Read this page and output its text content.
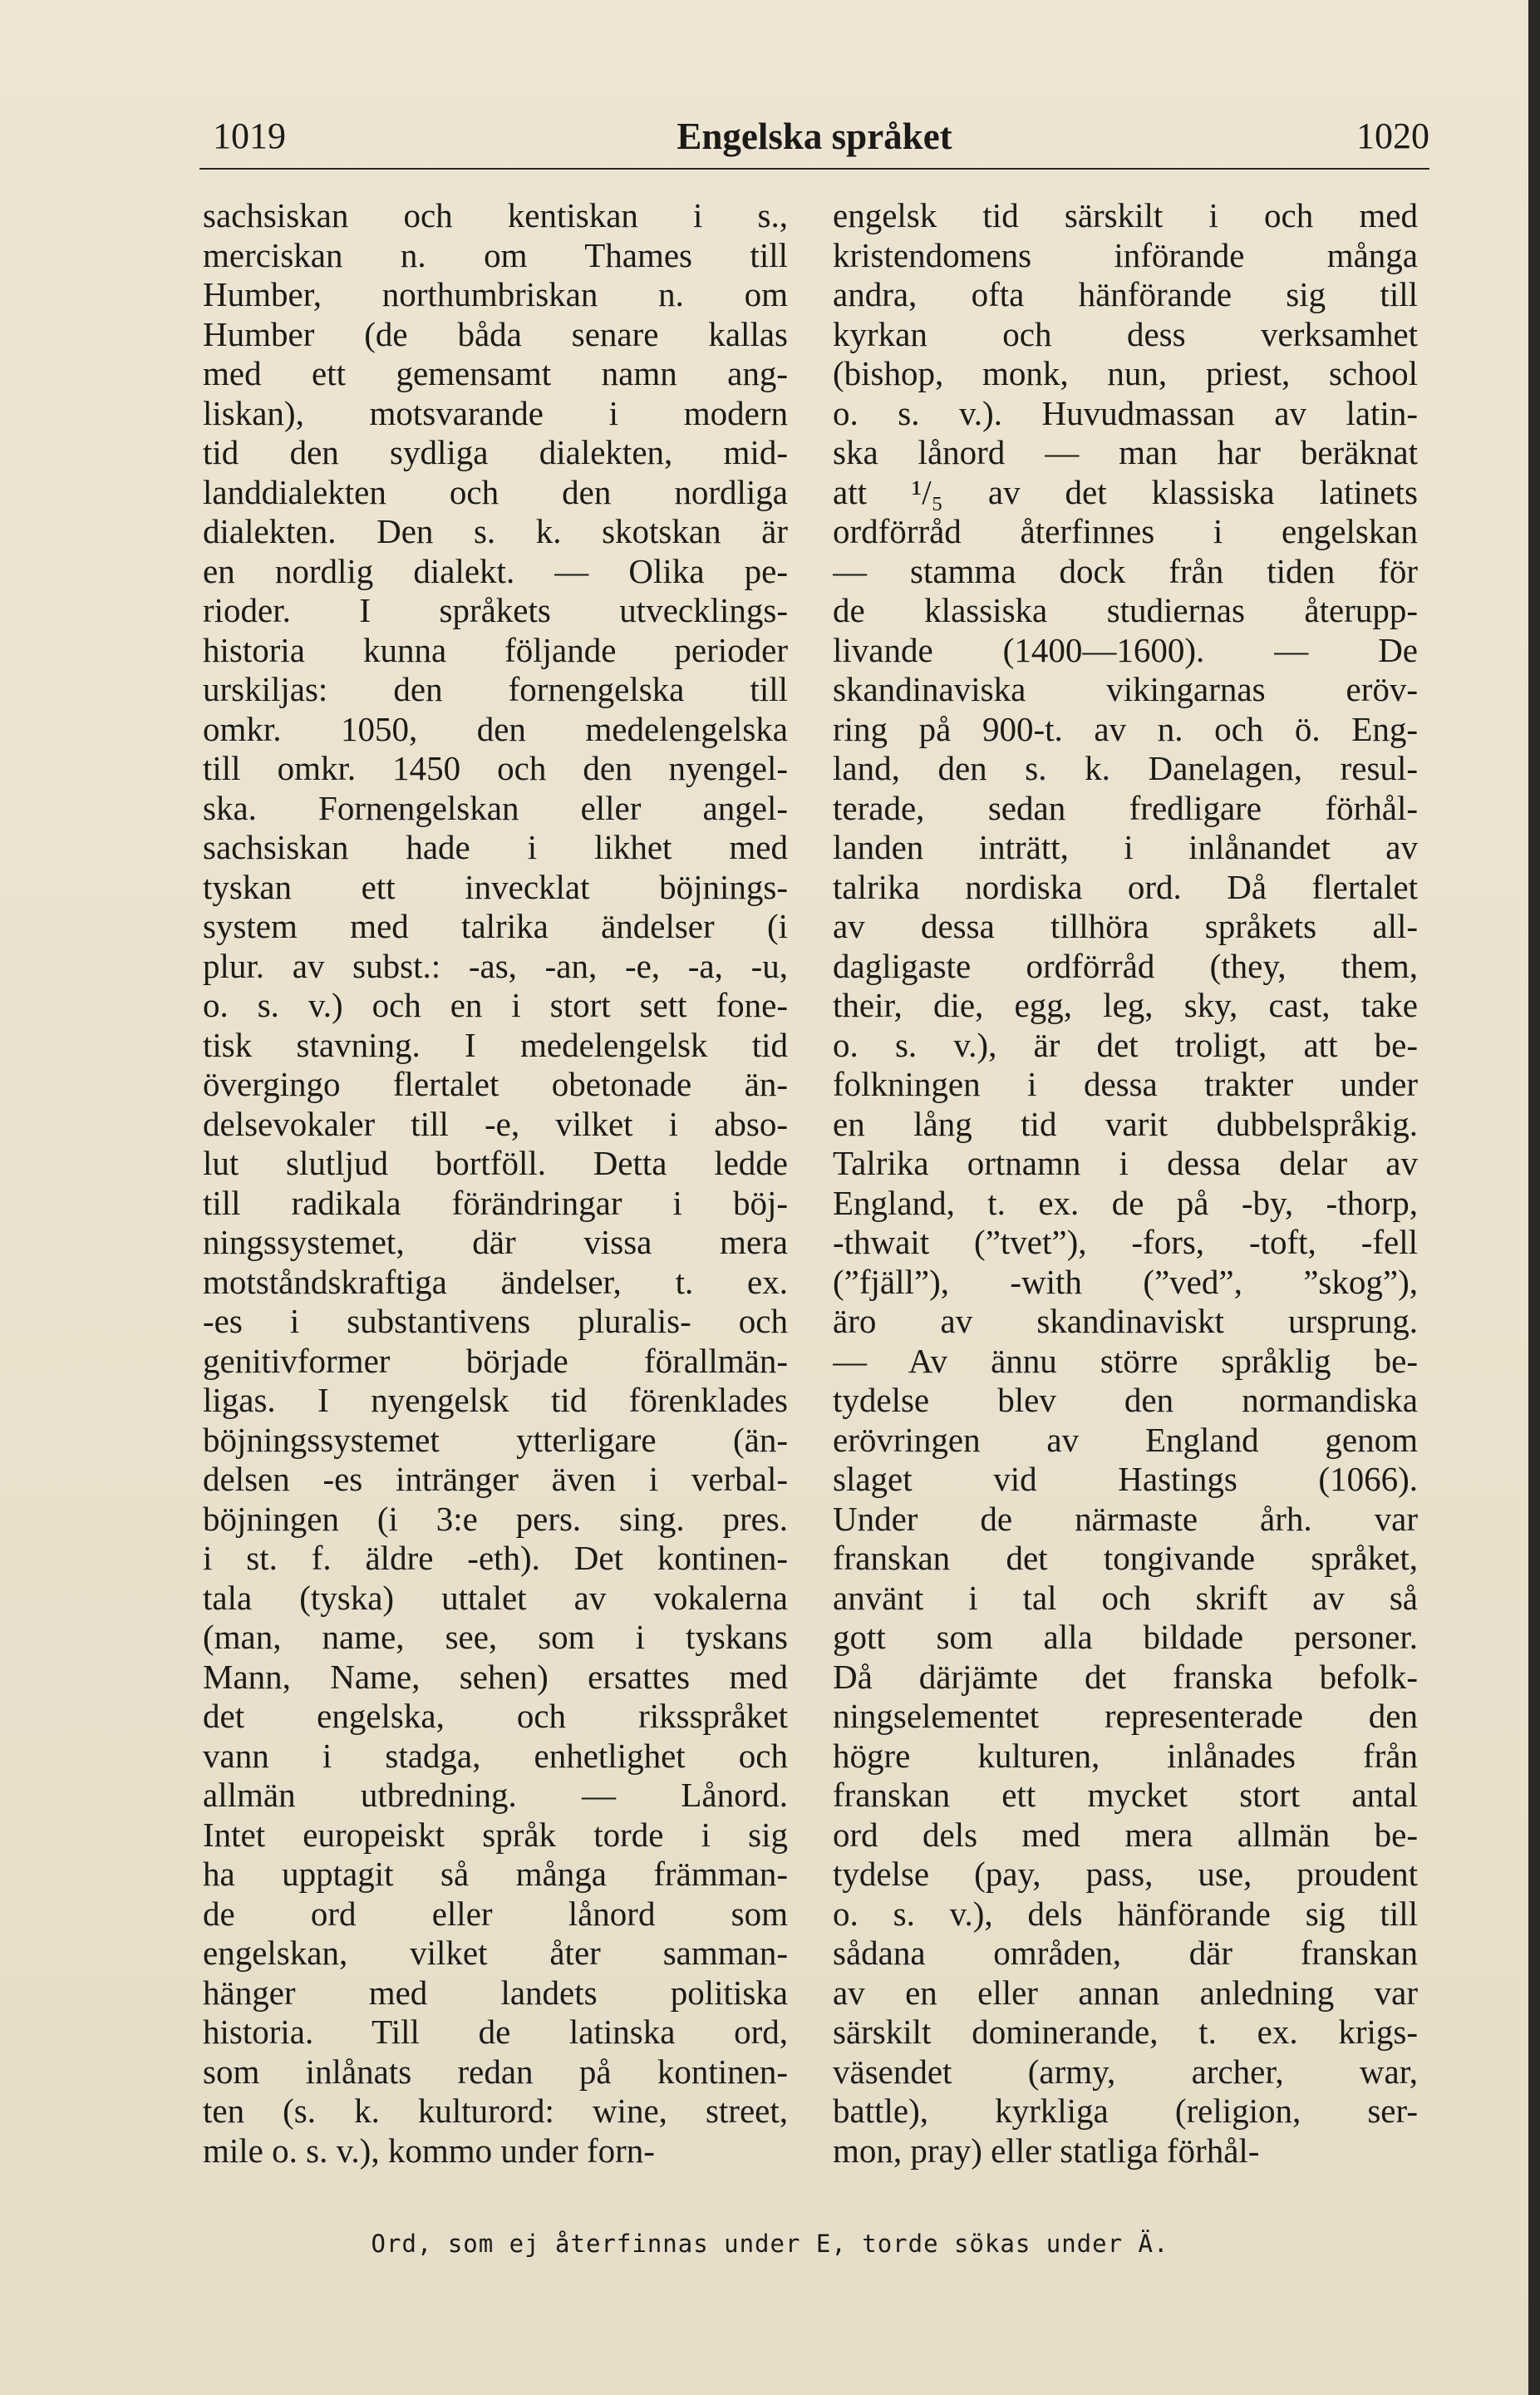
1019	Engelska språket	1020
sachsiskan och kentiskan i s.,
merciskan n. om Thames till
Humber, northumbriskan n. om
Humber (de båda senare kallas
med ett gemensamt namn ang-
liskan), motsvarande i modern
tid den sydliga dialekten, mid-
landdialekten och den nordliga
dialekten. Den s. k. skotskan är
en nordlig dialekt. — Olika pe-
rioder. I språkets utvecklings-
historia kunna följande perioder
urskiljas: den fornengelska till
omkr. 1050, den medelengelska
till omkr. 1450 och den nyengel-
ska. Fornengelskan eller angel-
sachsiskan hade i likhet med
tyskan ett invecklat böjnings-
system med talrika ändelser (i
plur. av subst.: -as, -an, -e, -a, -u,
o. s. v.) och en i stort sett fone-
tisk stavning. I medelengelsk tid
övergingo flertalet obetonade än-
delsevokaler till -e, vilket i abso-
lut slutljud bortföll. Detta ledde
till radikala förändringar i böj-
ningssystemet, där vissa mera
motståndskraftiga ändelser, t. ex.
-es i substantivens pluralis- och
genitivformer började förallmän-
ligas. I nyengelsk tid förenklades
böjningssystemet ytterligare (än-
delsen -es intränger även i verbal-
böjningen (i 3:e pers. sing. pres.
i st. f. äldre -eth). Det kontinen-
tala (tyska) uttalet av vokalerna
(man, name, see, som i tyskans
Mann, Name, sehen) ersattes med
det engelska, och riksspråket
vann i stadga, enhetlighet och
allmän utbredning. — Lånord.
Intet europeiskt språk torde i sig
ha upptagit så många främman-
de ord eller lånord som
engelskan, vilket åter samman-
hänger med landets politiska
historia. Till de latinska ord,
som inlånats redan på kontinen-
ten (s. k. kulturord: wine, street,
mile o. s. v.), kommo under forn-
engelsk tid särskilt i och med
kristendomens införande många
andra, ofta hänförande sig till
kyrkan och dess verksamhet
(bishop, monk, nun, priest, school
o. s. v.). Huvudmassan av latin-
ska lånord — man har beräknat
att ¹/₅ av det klassiska latinets
ordförråd återfinnes i engelskan
— stamma dock från tiden för
de klassiska studiernas återupp-
livande (1400—1600). — De
skandinaviska vikingarnas eröv-
ring på 900-t. av n. och ö. Eng-
land, den s. k. Danelagen, resul-
terade, sedan fredligare förhål-
landen inträtt, i inlånandet av
talrika nordiska ord. Då flertalet
av dessa tillhöra språkets all-
dagligaste ordförråd (they, them,
their, die, egg, leg, sky, cast, take
o. s. v.), är det troligt, att be-
folkningen i dessa trakter under
en lång tid varit dubbelspråkig.
Talrika ortnamn i dessa delar av
England, t. ex. de på -by, -thorp,
-thwait (”tvet”), -fors, -toft, -fell
(”fjäll”), -with (”ved”, ”skog”),
äro av skandinaviskt ursprung.
— Av ännu större språklig be-
tydelse blev den normandiska
erövringen av England genom
slaget vid Hastings (1066).
Under de närmaste årh. var
franskan det tongivande språket,
använt i tal och skrift av så
gott som alla bildade personer.
Då därjämte det franska befolk-
ningselementet representerade den
högre kulturen, inlånades från
franskan ett mycket stort antal
ord dels med mera allmän be-
tydelse (pay, pass, use, proudent
o. s. v.), dels hänförande sig till
sådana områden, där franskan
av en eller annan anledning var
särskilt dominerande, t. ex. krigs-
väsendet (army, archer, war,
battle), kyrkliga (religion, ser-
mon, pray) eller statliga förhål-
Ord, som ej återfinnas under E, torde sökas under Ä.
